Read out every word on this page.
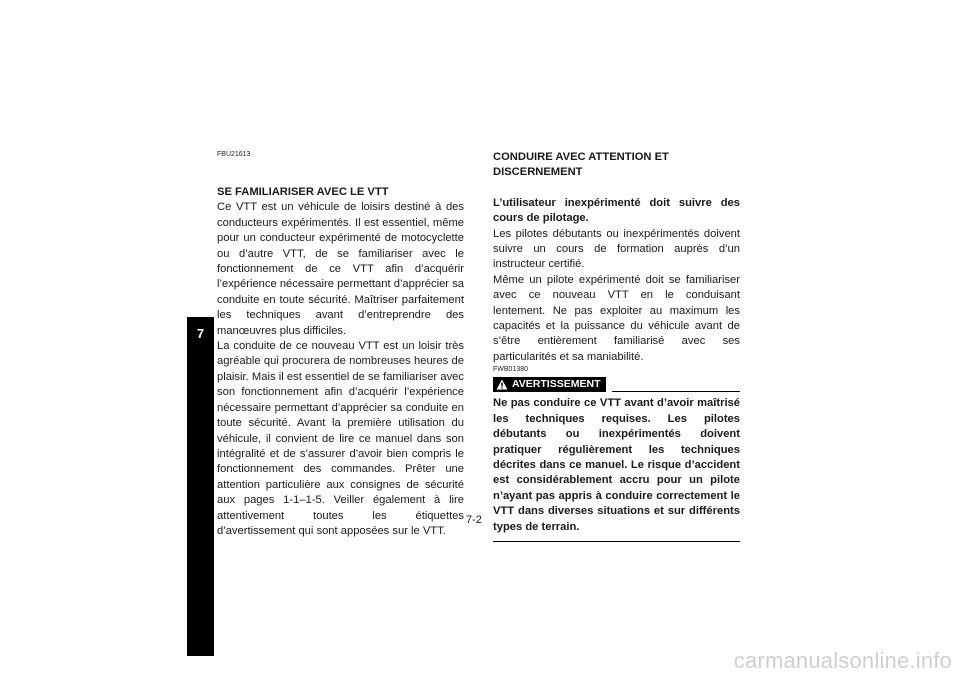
7
FBU21613

SE FAMILIARISER AVEC LE VTT

Ce VTT est un véhicule de loisirs destiné à des conducteurs expérimentés. Il est essentiel, même pour un conducteur expérimenté de motocyclette ou d’autre VTT, de se familiariser avec le fonctionnement de ce VTT afin d’acquérir l’expérience nécessaire permettant d’apprécier sa conduite en toute sécurité. Maîtriser parfaitement les techniques avant d’entreprendre des manœuvres plus difficiles.

La conduite de ce nouveau VTT est un loisir très agréable qui procurera de nombreuses heures de plaisir. Mais il est essentiel de se familiariser avec son fonctionnement afin d’acquérir l’expérience nécessaire permettant d’apprécier sa conduite en toute sécurité. Avant la première utilisation du véhicule, il convient de lire ce manuel dans son intégralité et de s’assurer d’avoir bien compris le fonctionnement des commandes. Prêter une attention particulière aux consignes de sécurité aux pages 1-1–1-5. Veiller également à lire attentivement toutes les étiquettes d’avertissement qui sont apposées sur le VTT.

CONDUIRE AVEC ATTENTION ET DISCERNEMENT

L’utilisateur inexpérimenté doit suivre des cours de pilotage.

Les pilotes débutants ou inexpérimentés doivent suivre un cours de formation auprès d’un instructeur certifié.

Même un pilote expérimenté doit se familiariser avec ce nouveau VTT en le conduisant lentement. Ne pas exploiter au maximum les capacités et la puissance du véhicule avant de s’être entièrement familiarisé avec ses particularités et sa maniabilité.

FWB01380
AVERTISSEMENT

Ne pas conduire ce VTT avant d’avoir maîtrisé les techniques requises. Les pilotes débutants ou inexpérimentés doivent pratiquer régulièrement les techniques décrites dans ce manuel. Le risque d’accident est considérablement accru pour un pilote n’ayant pas appris à conduire correctement le VTT dans diverses situations et sur différents types de terrain.

7-2
carmanualsonline.info
